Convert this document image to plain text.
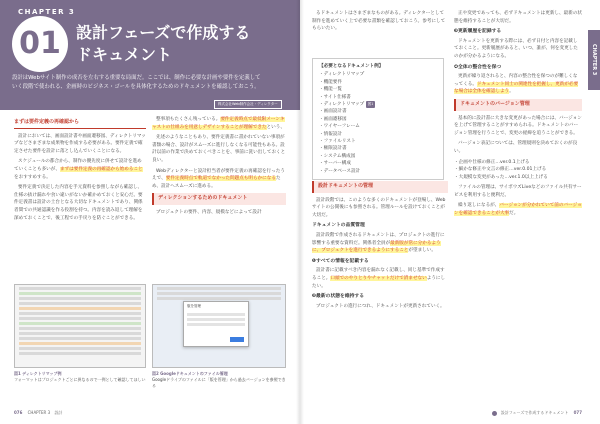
CHAPTER 3
01 設計フェーズで作成する
ドキュメント
設計はWebサイト制作の成否を左右する重要な局面だ。ここでは、制作に必要な計画や要件を定義して
いく段階で使われる、企画時のビジネス・ゴールを具体化するためのドキュメントを確認しておこう。
株式会社Web制作会社・ディレクター
まずは要件定義の再確認から

設計においては、画面設計書や画面遷移図、ディレクトリマップなどさまざまな成果物を作成する必要がある。要件定義で確定させた要件を設計に落とし込んでいくことになる。

スケジュールの都合から、制作の優先度に併せて設計を進めていくことも多いが、まずは要件定義の再確認から始めることをおすすめする。

要件定義で決定した内容を手元資料を参照しながら確認し、仕様の抜け漏れや食い違いがないか確かめておくと安心だ。要件定義書は設計の土台となる大切なドキュメントであり、関係者間での共通認識を作る役割を持つ。内容を読み返して理解を深めておくことで、後工程での手戻りを防ぐことができる。

整事項もたくさん残っている。要件定義時点で最低限メーンキャストの仕組みを用意しデザインすることが理解できたという、

先述のようなこともあり、要件定義書に書かれていない事項が書類の場合、設計がスムーズに進行しなくなる可能性もある。設計以前の作業で決めておくべきことを、事前に洗い出しておくと良い。

Webディレクターと設計担当者が要件定義の再確認を行ったうえで、要件定義時点で軌道でなかった問題点も明らかになるため、設計へスムーズに進める。

ディレクションするためのドキュメント

プロジェクトの要件、内容、規模などによって設計

図1 ディレクトリマップ例
フォーマットはプロジェクトごとに異なるので一例として確認してほしい
版を管理
図2 Googleドキュメントのファイル管理
Googleドライブのファイルに「版を管理」から過去バージョンを参照できる
076 CHAPTER 3 設計

るドキュメントはさまざまなものがある。ディレクターとして制作を進めていく上で必要な書類を確認しておこう。参考にしてもらいたい。

【必要となるドキュメント例】
・ディレクトリマップ
・機能要件
・機能一覧
・サイト仕様書
・ディレクトリマップ 図1
・画面設計書
・画面遷移図
・ワイヤーフレーム
・情報設計
・ファイルリスト
・権限設計書
・システム構成図
・サーバー構成
・データベース設計
設計ドキュメントの管理

設計段階では、このような多くのドキュメントが登場し、Webサイトの公開後にも参照される。管理ルールを設けておくことが大切だ。

ドキュメントの品質管理

設計段階で作成されるドキュメントは、プロジェクトの進行に影響する重要な資料だ。関係者全員が最新版が常に分かるように、プロジェクトを進行できるようにすることが望ましい。

❶すべての情報を記載する

設計書に記載すべき内容を漏れなく記載し、同じ基準で作成すること。口頭でのやりとりやチャットだけで済ませないようにしたい。

❷最新の状態を維持する

プロジェクトの進行につれ、ドキュメントが更新されていく。

正や変更であっても、必ずドキュメントは更新し、最新の状態を維持することが大切だ。

❸更新履歴を記録する

ドキュメントを更新する際には、必ず日付と内容を記載しておくこと。更新履歴があると、いつ、誰が、何を変更したのかが分かるようになる。

❹全体の整合性を保つ

更新が繰り返されると、内容の整合性を保つのが難しくなってくる。ドキュメント同士の関連性を把握し、更新が必要な場合は全体を確認しよう。

ドキュメントのバージョン管理

基本的に設計書に大きな変更があった場合には、バージョンを上げて管理することがすすめられる。ドキュメントのバージョン管理を行うことで、変更の経緯を追うことができる。

バージョン表記については、管理規則を決めておくのが良い。

・企画や仕様の修正…ver.0.1上げる
・細かな修正や文言の修正…ver.0.01上げる
・大規模な変更があった…ver.1.0以上上げる

ファイルの管理は、サイボウズLiveなどのファイル共有サービスを利用すると便利だ。

繰り返しになるが、バージョンが分かれていて前のバージョンを確認できることが大事だ。

CHAPTER 3
設計フェーズで作成するドキュメント 077
